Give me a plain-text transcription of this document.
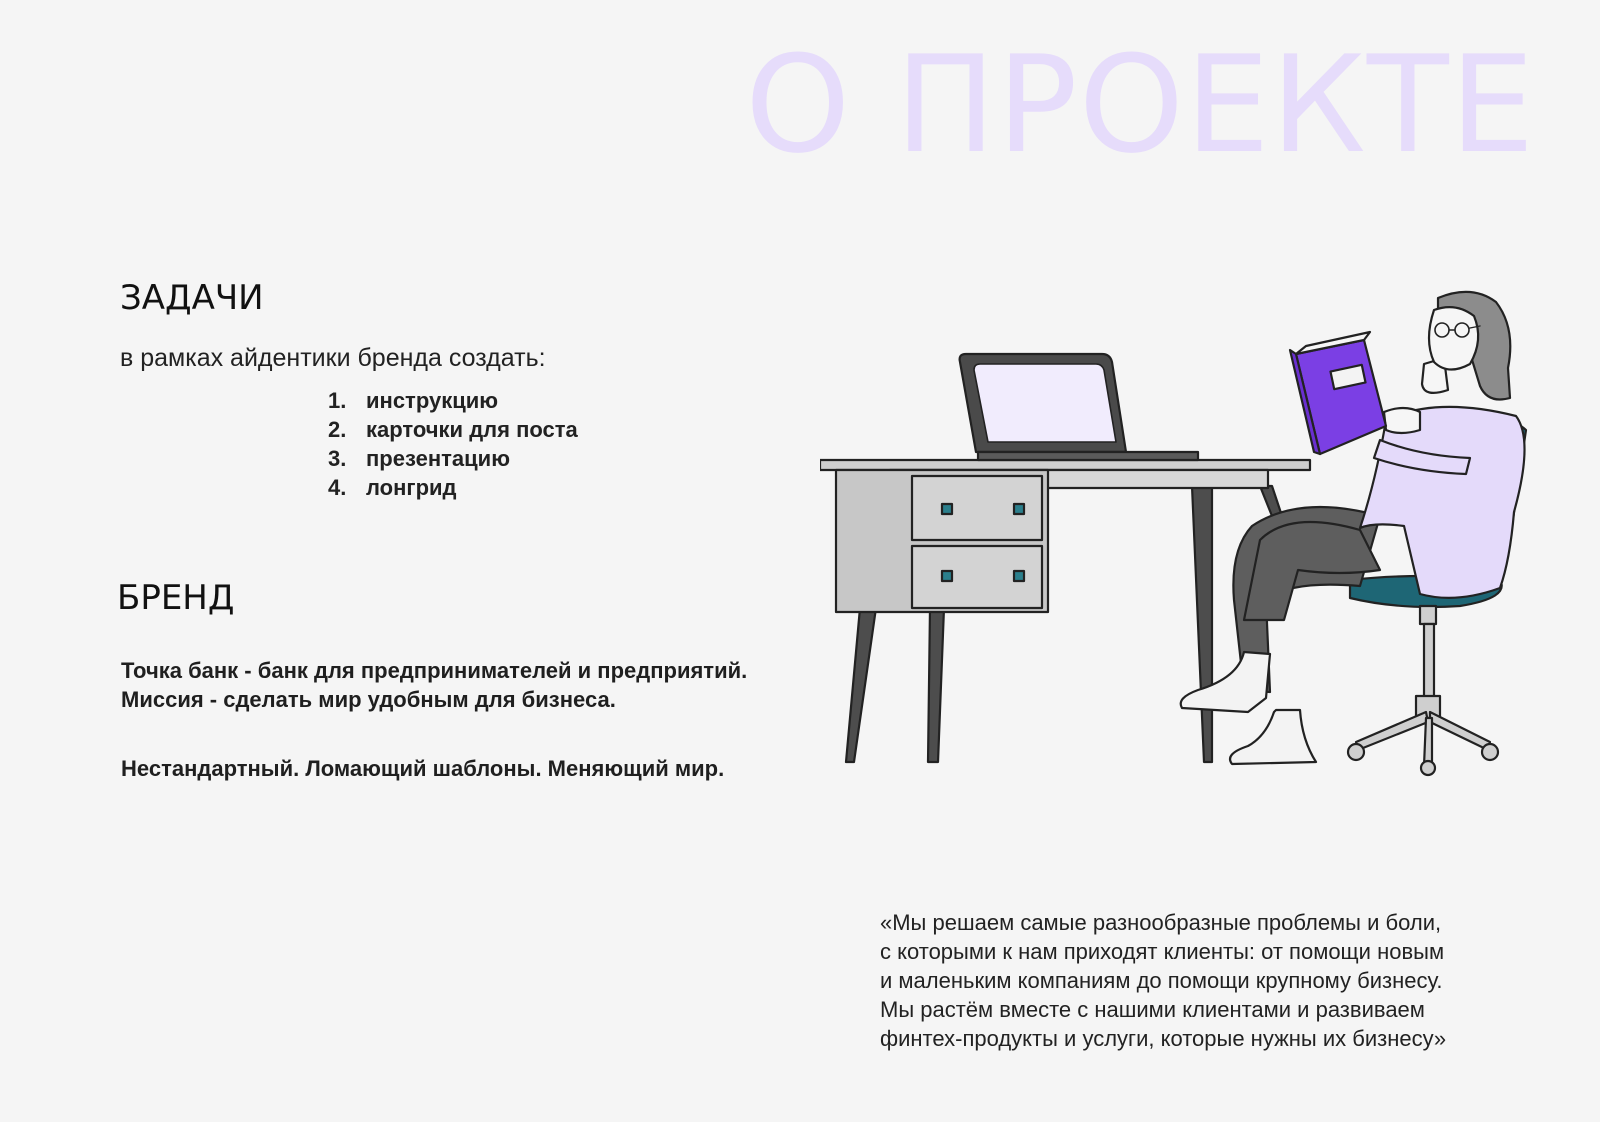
О ПРОЕКТЕ
ЗАДАЧИ
в рамках айдентики бренда создать:
1. инструкцию
2. карточки для поста
3. презентацию
4. лонгрид
БРЕНД

Точка банк - банк для предпринимателей и предприятий.

Миссия - сделать мир удобным для бизнеса.

Нестандартный. Ломающий шаблоны. Меняющий мир.

«Мы решаем самые разнообразные проблемы и боли,

с которыми к нам приходят клиенты: от помощи новым

и маленьким компаниям до помощи крупному бизнесу.

Мы растём вместе с нашими клиентами и развиваем

финтех-продукты и услуги, которые нужны их бизнесу»
